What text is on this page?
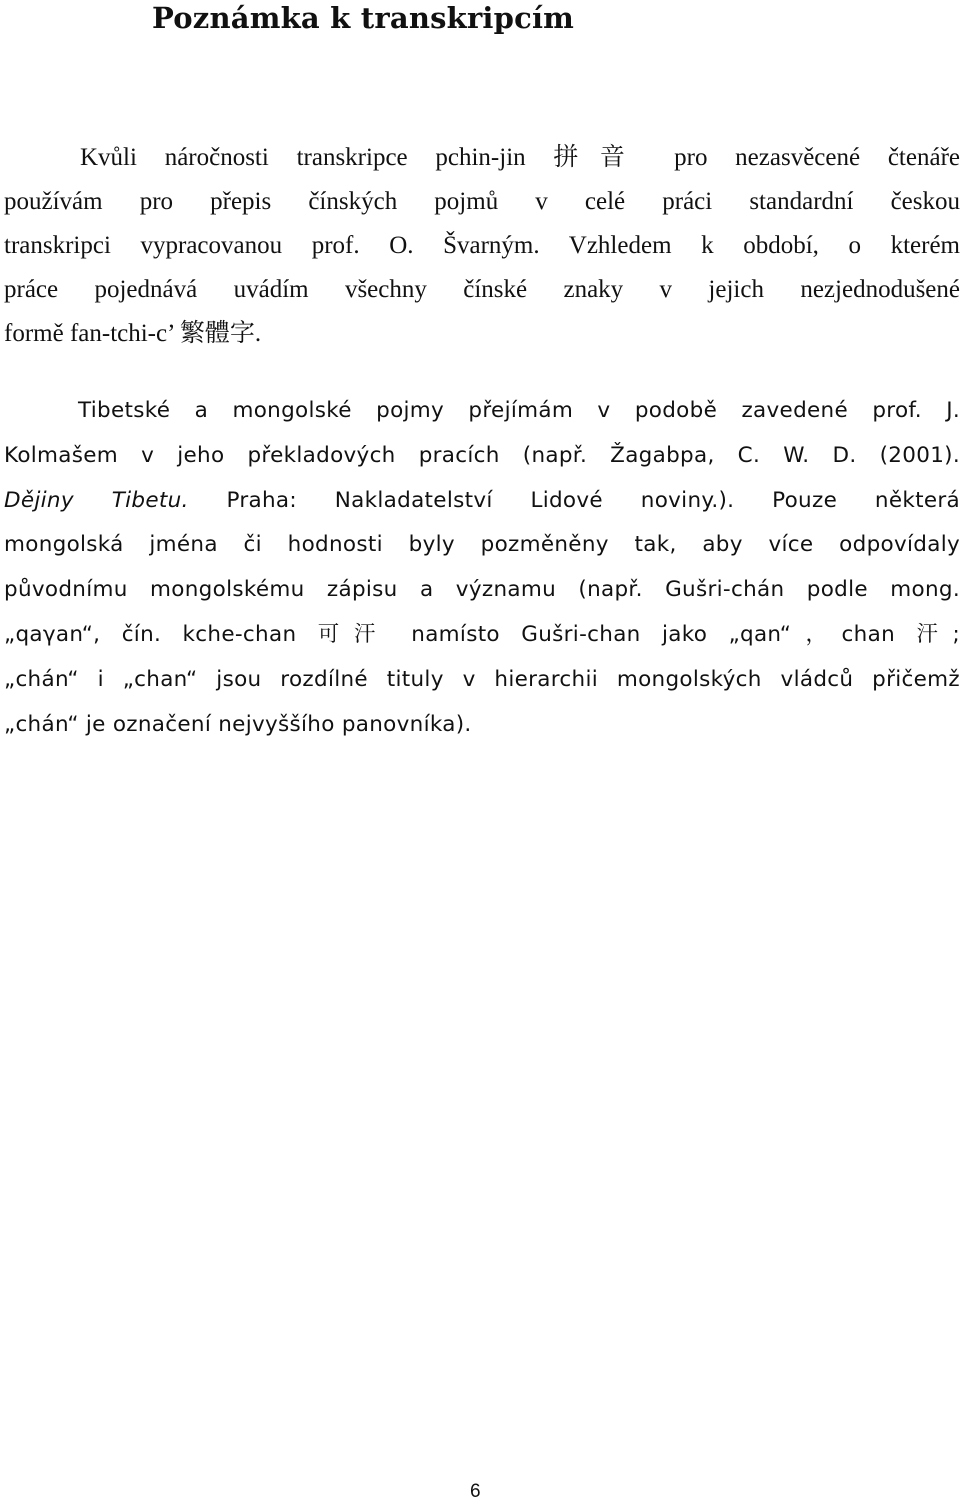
Poznámka k transkripcím
Kvůli náročnosti transkripce pchin-jin 拼音 pro nezasvěcené čtenáře
používám pro přepis čínských pojmů v celé práci standardní českou
transkripci vypracovanou prof. O. Švarným. Vzhledem k období, o kterém
práce pojednává uvádím všechny čínské znaky v jejich nezjednodušené
formě fan-tchi-c’ 繁體字.
Tibetské a mongolské pojmy přejímám v podobě zavedené prof. J.
Kolmašem v jeho překladových pracích (např. Žagabpa, C. W. D. (2001).
Dějiny Tibetu. Praha: Nakladatelství Lidové noviny.). Pouze některá
mongolská jména či hodnosti byly pozměněny tak, aby více odpovídaly
původnímu mongolskému zápisu a významu (např. Gušri-chán podle mong.
„qaγan“, čín. kche-chan 可汗 namísto Gušri-chan jako „qan“，chan 汗;
„chán“ i „chan“ jsou rozdílné tituly v hierarchii mongolských vládců přičemž
„chán“ je označení nejvyššího panovníka).
6
